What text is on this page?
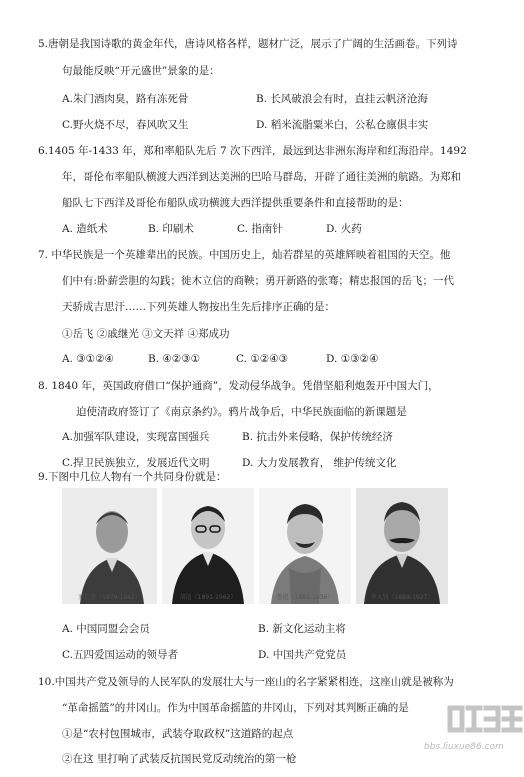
5.唐朝是我国诗歌的黄金年代，唐诗风格各样，题材广泛，展示了广阔的生活画卷。下列诗
句最能反映“开元盛世”景象的是：
A.朱门酒肉臭，路有冻死骨	B. 长风破浪会有时，直挂云帆济沧海
C.野火烧不尽，春风吹又生	D. 稻米流脂粟米白，公私仓廪俱丰实
6.1405 年-1433 年，郑和率船队先后 7 次下西洋，最远到达非洲东海岸和红海沿岸。1492
年，哥伦布率船队横渡大西洋到达美洲的巴哈马群岛，开辟了通往美洲的航路。为郑和
船队七下西洋及哥伦布船队成功横渡大西洋提供重要条件和直接帮助的是：
A. 造纸术	B. 印刷术	C. 指南针	D. 火药
7. 中华民族是一个英雄辈出的民族。中国历史上，灿若群星的英雄辉映着祖国的天空。他
们中有:卧薪尝胆的勾践；徙木立信的商鞅；勇开新路的张骞；精忠报国的岳飞；一代
天骄成吉思汗……下列英雄人物按出生先后排序正确的是：
①岳飞 ②戚继光 ③文天祥 ④郑成功
A. ③①②④	B. ④②③①	C. ①②④③	D. ①③②④
8. 1840 年，英国政府借口“保护通商”，发动侵华战争。凭借坚船利炮轰开中国大门，
迫使清政府签订了《南京条约》。鸦片战争后，中华民族面临的新课题是
A.加强军队建设，实现富国强兵	B. 抗击外来侵略，保护传统经济
C.捍卫民族独立，发展近代文明	D. 大力发展教育， 维护传统文化
9.下图中几位人物有一个共同身份就是：
刘伯坚（1879-1942）	胡适（1891-1962）	鲁迅（1881-1936）	李大钊（1889-1927）
A. 中国同盟会会员	B. 新文化运动主将
C.五四爱国运动的领导者	D. 中国共产党党员
10.中国共产党及领导的人民军队的发展壮大与一座山的名字紧紧相连，这座山就是被称为
“革命摇篮”的井冈山。作为中国革命摇篮的井冈山，下列对其判断正确的是
①是“农村包围城市，武装夺取政权”这道路的起点
②在这 里打响了武装反抗国民党反动统治的第一枪
bbs.liuxue86.com
